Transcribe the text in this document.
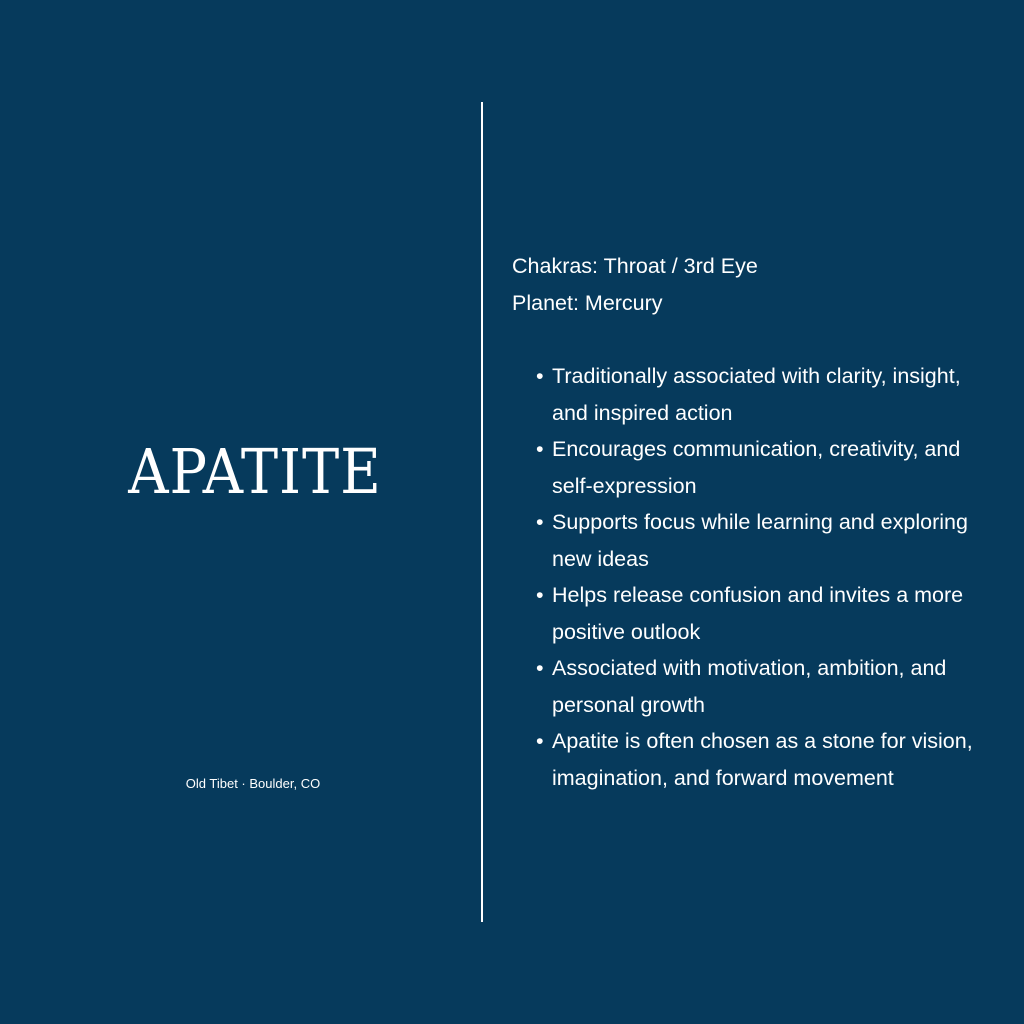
APATITE

Old Tibet · Boulder, CO

Chakras: Throat / 3rd Eye

Planet: Mercury

• Traditionally associated with clarity, insight, and inspired action
• Encourages communication, creativity, and self-expression
• Supports focus while learning and exploring new ideas
• Helps release confusion and invites a more positive outlook
• Associated with motivation, ambition, and personal growth
• Apatite is often chosen as a stone for vision, imagination, and forward movement
